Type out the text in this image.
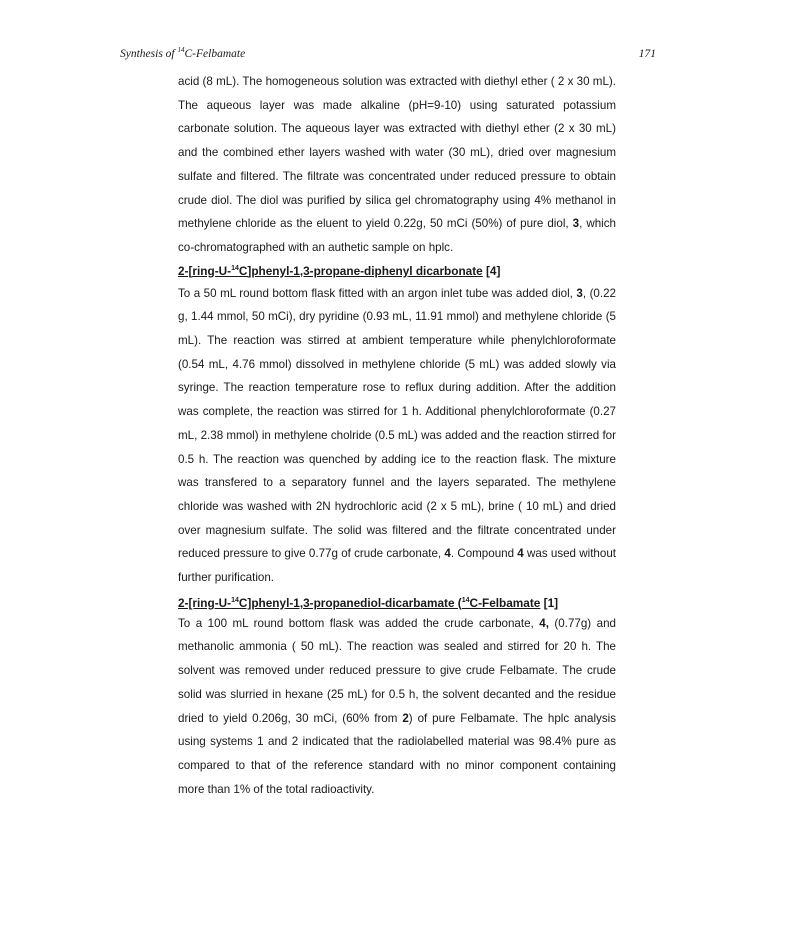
Synthesis of $^{14}$C-Felbamate	171

acid (8 mL). The homogeneous solution was extracted with diethyl ether ( 2 x 30 mL). The aqueous layer was made alkaline (pH=9-10) using saturated potassium carbonate solution. The aqueous layer was extracted with diethyl ether (2 x 30 mL) and the combined ether layers washed with water (30 mL), dried over magnesium sulfate and filtered. The filtrate was concentrated under reduced pressure to obtain crude diol. The diol was purified by silica gel chromatography using 4% methanol in methylene chloride as the eluent to yield 0.22g, 50 mCi (50%) of pure diol, 3, which co-chromatographed with an authetic sample on hplc.

2-[ring-U-$^{14}$C]phenyl-1,3-propane-diphenyl dicarbonate [4]

To a 50 mL round bottom flask fitted with an argon inlet tube was added diol, 3, (0.22 g, 1.44 mmol, 50 mCi), dry pyridine (0.93 mL, 11.91 mmol) and methylene chloride (5 mL). The reaction was stirred at ambient temperature while phenylchloroformate (0.54 mL, 4.76 mmol) dissolved in methylene chloride (5 mL) was added slowly via syringe. The reaction temperature rose to reflux during addition. After the addition was complete, the reaction was stirred for 1 h. Additional phenylchloroformate (0.27 mL, 2.38 mmol) in methylene cholride (0.5 mL) was added and the reaction stirred for 0.5 h. The reaction was quenched by adding ice to the reaction flask. The mixture was transfered to a separatory funnel and the layers separated. The methylene chloride was washed with 2N hydrochloric acid (2 x 5 mL), brine ( 10 mL) and dried over magnesium sulfate. The solid was filtered and the filtrate concentrated under reduced pressure to give 0.77g of crude carbonate, 4. Compound 4 was used without further purification.

2-[ring-U-$^{14}$C]phenyl-1,3-propanediol-dicarbamate ($^{14}$C-Felbamate [1]

To a 100 mL round bottom flask was added the crude carbonate, 4, (0.77g) and methanolic ammonia ( 50 mL). The reaction was sealed and stirred for 20 h. The solvent was removed under reduced pressure to give crude Felbamate. The crude solid was slurried in hexane (25 mL) for 0.5 h, the solvent decanted and the residue dried to yield 0.206g, 30 mCi, (60% from 2) of pure Felbamate. The hplc analysis using systems 1 and 2 indicated that the radiolabelled material was 98.4% pure as compared to that of the reference standard with no minor component containing more than 1% of the total radioactivity.
